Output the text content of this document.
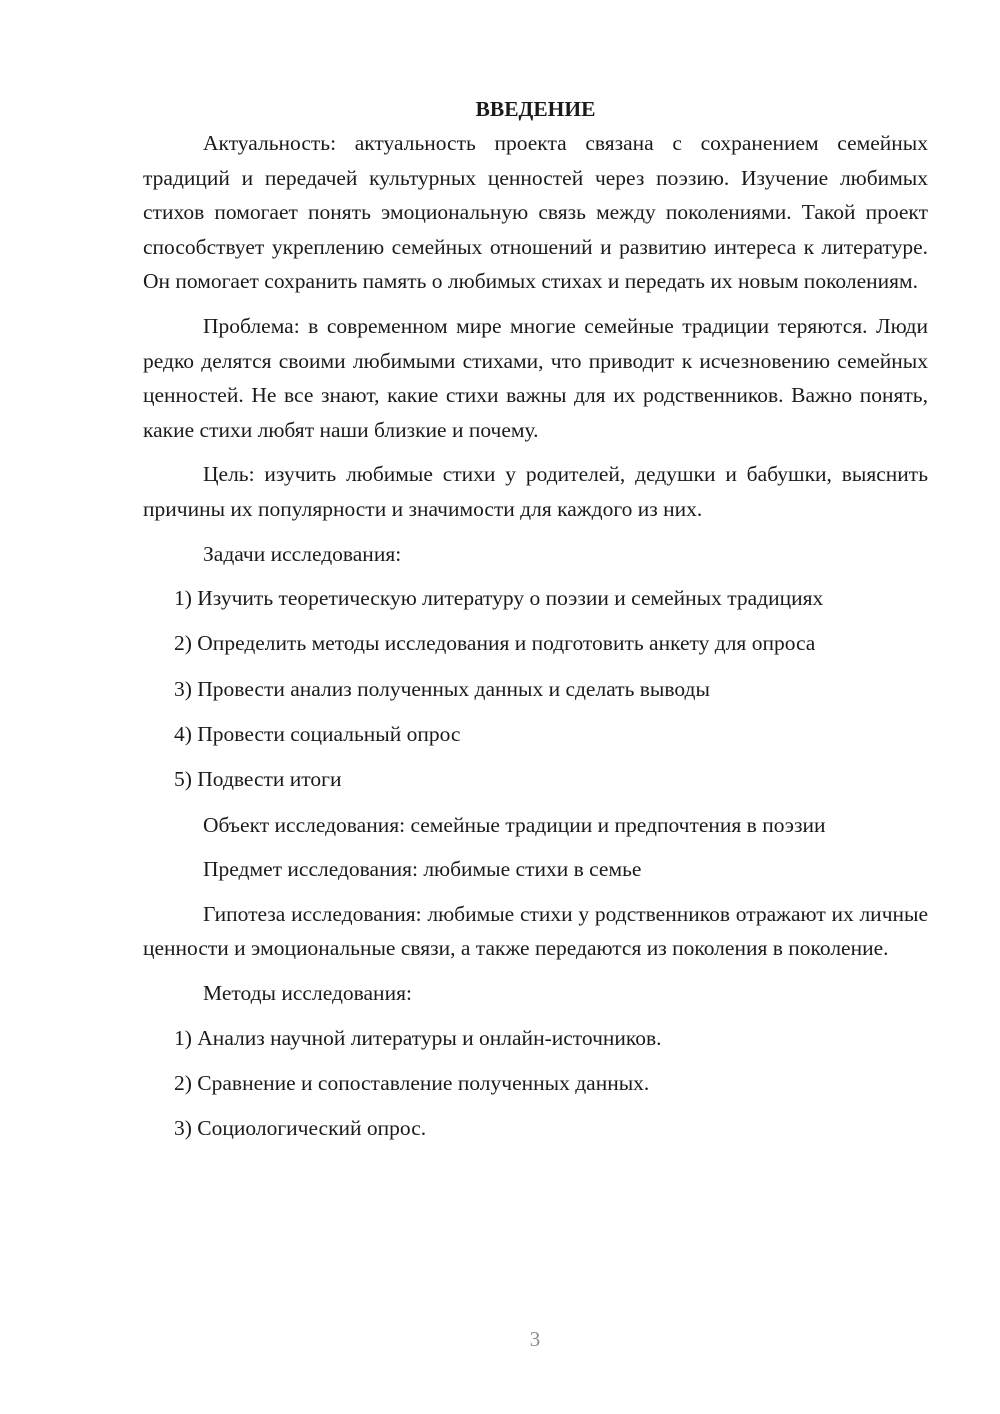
ВВЕДЕНИЕ

Актуальность: актуальность проекта связана с сохранением семейных традиций и передачей культурных ценностей через поэзию. Изучение любимых стихов помогает понять эмоциональную связь между поколениями. Такой проект способствует укреплению семейных отношений и развитию интереса к литературе. Он помогает сохранить память о любимых стихах и передать их новым поколениям.

Проблема: в современном мире многие семейные традиции теряются. Люди редко делятся своими любимыми стихами, что приводит к исчезновению семейных ценностей. Не все знают, какие стихи важны для их родственников. Важно понять, какие стихи любят наши близкие и почему.

Цель: изучить любимые стихи у родителей, дедушки и бабушки, выяснить причины их популярности и значимости для каждого из них.

Задачи исследования:
1) Изучить теоретическую литературу о поэзии и семейных традициях
2) Определить методы исследования и подготовить анкету для опроса
3) Провести анализ полученных данных и сделать выводы
4) Провести социальный опрос
5) Подвести итоги
Объект исследования: семейные традиции и предпочтения в поэзии
Предмет исследования: любимые стихи в семье

Гипотеза исследования: любимые стихи у родственников отражают их личные ценности и эмоциональные связи, а также передаются из поколения в поколение.

Методы исследования:
1) Анализ научной литературы и онлайн-источников.
2) Сравнение и сопоставление полученных данных.
3) Социологический опрос.
3
